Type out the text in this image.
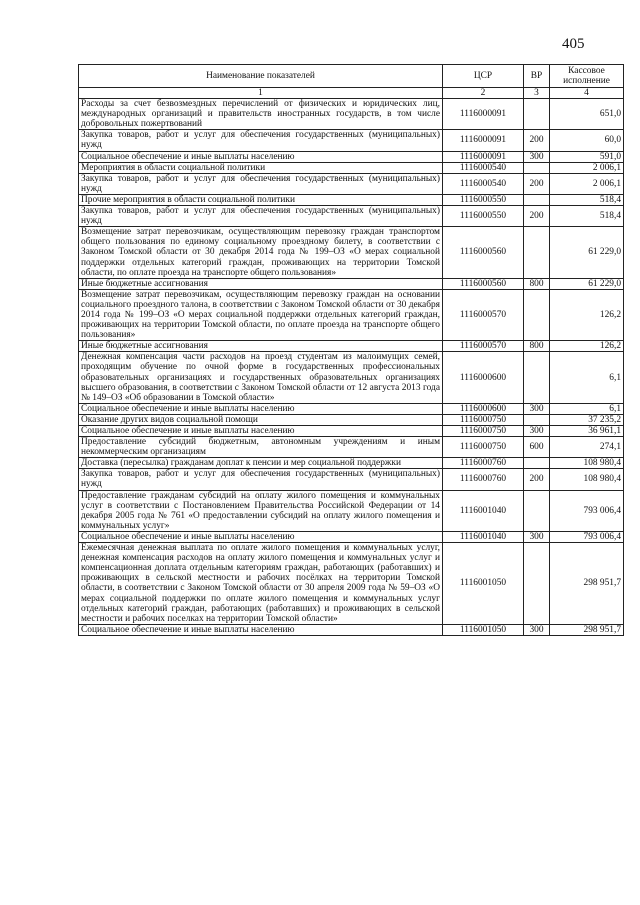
405
Наименование показателей	ЦСР	ВР	Кассовое исполнение
1	2	3	4
Расходы за счет безвозмездных перечислений от физических и юридических лиц, международных организаций и правительств иностранных государств, в том числе добровольных пожертвований	1116000091		651,0
Закупка товаров, работ и услуг для обеспечения государственных (муниципальных) нужд	1116000091	200	60,0
Социальное обеспечение и иные выплаты населению	1116000091	300	591,0
Мероприятия в области социальной политики	1116000540		2 006,1
Закупка товаров, работ и услуг для обеспечения государственных (муниципальных) нужд	1116000540	200	2 006,1
Прочие мероприятия в области социальной политики	1116000550		518,4
Закупка товаров, работ и услуг для обеспечения государственных (муниципальных) нужд	1116000550	200	518,4
Возмещение затрат перевозчикам, осуществляющим перевозку граждан транспортом общего пользования по единому социальному проездному билету, в соответствии с Законом Томской области от 30 декабря 2014 года № 199–ОЗ «О мерах социальной поддержки отдельных категорий граждан, проживающих на территории Томской области, по оплате проезда на транспорте общего пользования»	1116000560		61 229,0
Иные бюджетные ассигнования	1116000560	800	61 229,0
Возмещение затрат перевозчикам, осуществляющим перевозку граждан на основании социального проездного талона, в соответствии с Законом Томской области от 30 декабря 2014 года № 199–ОЗ «О мерах социальной поддержки отдельных категорий граждан, проживающих на территории Томской области, по оплате проезда на транспорте общего пользования»	1116000570		126,2
Иные бюджетные ассигнования	1116000570	800	126,2
Денежная компенсация части расходов на проезд студентам из малоимущих семей, проходящим обучение по очной форме в государственных профессиональных образовательных организациях и государственных образовательных организациях высшего образования, в соответствии с Законом Томской области от 12 августа 2013 года № 149–ОЗ «Об образовании в Томской области»	1116000600		6,1
Социальное обеспечение и иные выплаты населению	1116000600	300	6,1
Оказание других видов социальной помощи	1116000750		37 235,2
Социальное обеспечение и иные выплаты населению	1116000750	300	36 961,1
Предоставление субсидий бюджетным, автономным учреждениям и иным некоммерческим организациям	1116000750	600	274,1
Доставка (пересылка) гражданам доплат к пенсии и мер социальной поддержки	1116000760		108 980,4
Закупка товаров, работ и услуг для обеспечения государственных (муниципальных) нужд	1116000760	200	108 980,4
Предоставление гражданам субсидий на оплату жилого помещения и коммунальных услуг в соответствии с Постановлением Правительства Российской Федерации от 14 декабря 2005 года № 761 «О предоставлении субсидий на оплату жилого помещения и коммунальных услуг»	1116001040		793 006,4
Социальное обеспечение и иные выплаты населению	1116001040	300	793 006,4
Ежемесячная денежная выплата по оплате жилого помещения и коммунальных услуг, денежная компенсация расходов на оплату жилого помещения и коммунальных услуг и компенсационная доплата отдельным категориям граждан, работающих (работавших) и проживающих в сельской местности и рабочих посёлках на территории Томской области, в соответствии с Законом Томской области от 30 апреля 2009 года № 59–ОЗ «О мерах социальной поддержки по оплате жилого помещения и коммунальных услуг отдельных категорий граждан, работающих (работавших) и проживающих в сельской местности и рабочих поселках на территории Томской области»	1116001050		298 951,7
Социальное обеспечение и иные выплаты населению	1116001050	300	298 951,7
